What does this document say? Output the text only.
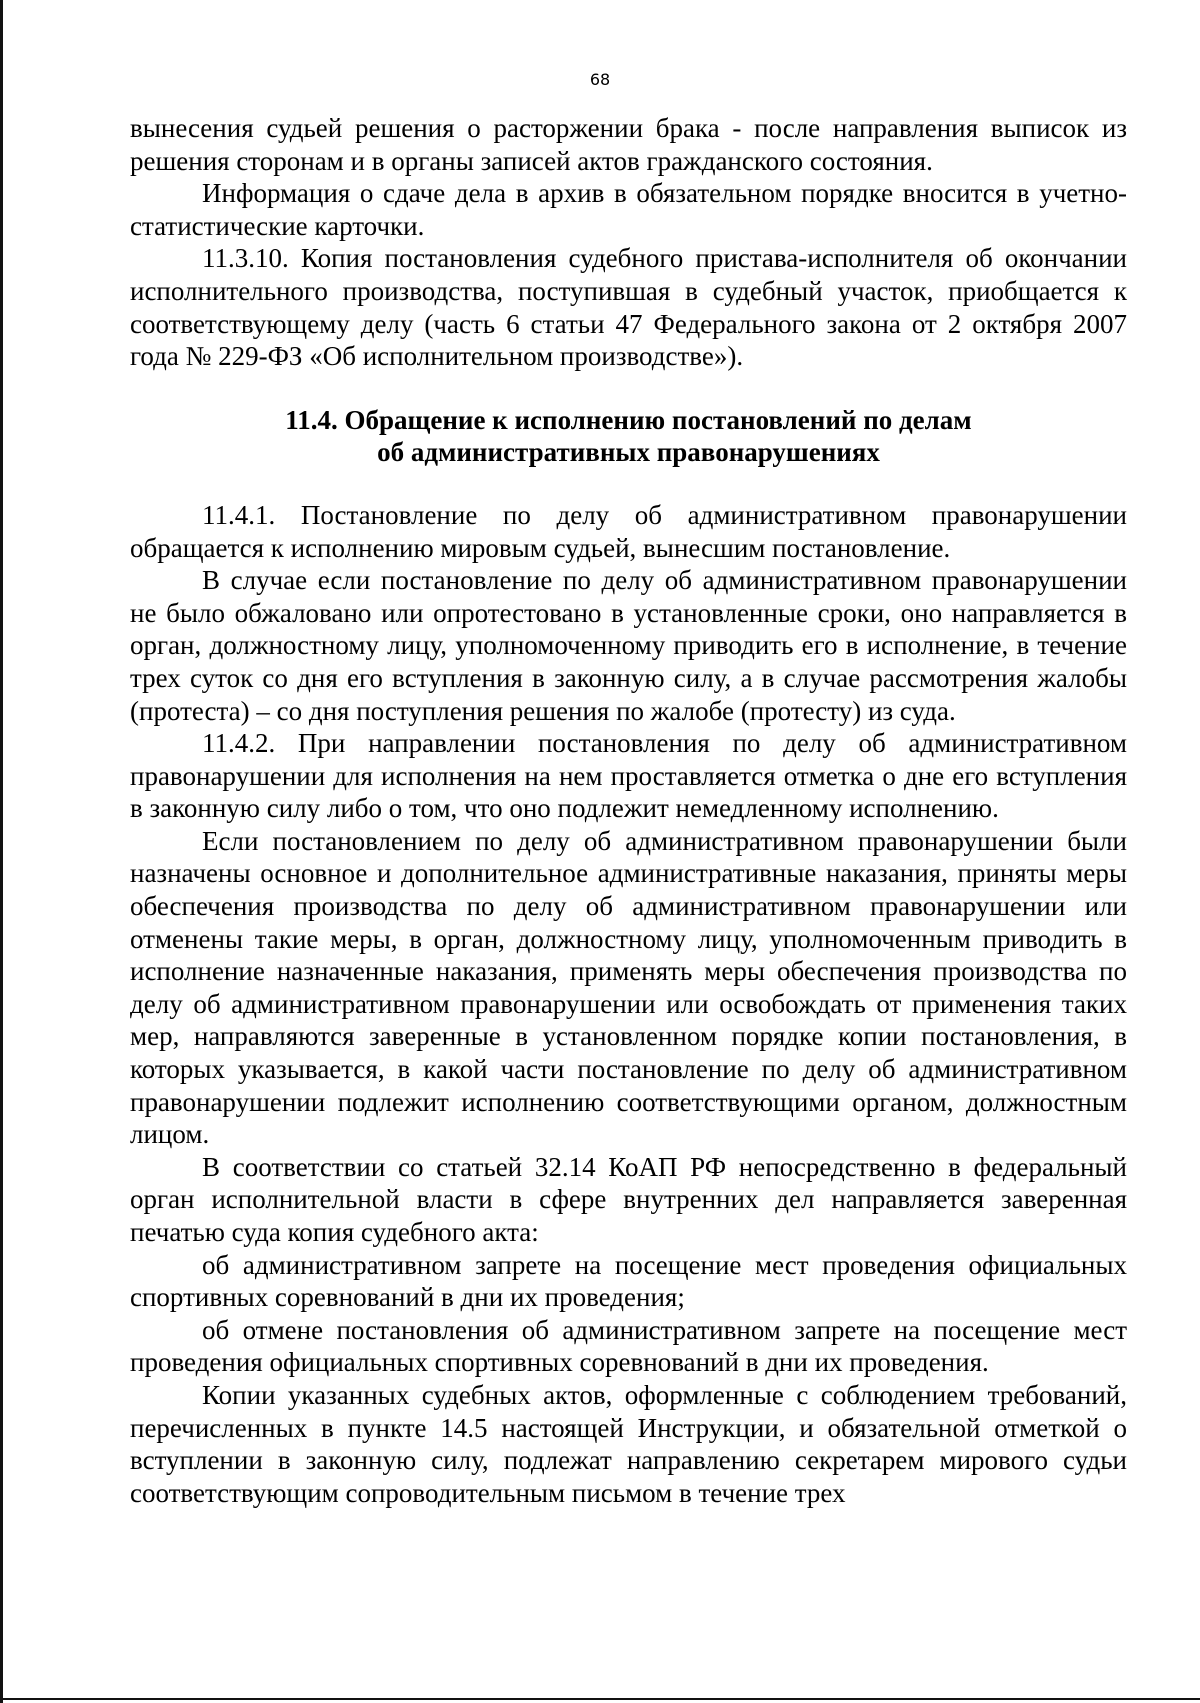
68

вынесения судьей решения о расторжении брака - после направления выписок из решения сторонам и в органы записей актов гражданского состояния.

Информация о сдаче дела в архив в обязательном порядке вносится в учетно-статистические карточки.

11.3.10. Копия постановления судебного пристава-исполнителя об окончании исполнительного производства, поступившая в судебный участок, приобщается к соответствующему делу (часть 6 статьи 47 Федерального закона от 2 октября 2007 года № 229-ФЗ «Об исполнительном производстве»).

11.4. Обращение к исполнению постановлений по делам
об административных правонарушениях

11.4.1. Постановление по делу об административном правонарушении обращается к исполнению мировым судьей, вынесшим постановление.

В случае если постановление по делу об административном правонарушении не было обжаловано или опротестовано в установленные сроки, оно направляется в орган, должностному лицу, уполномоченному приводить его в исполнение, в течение трех суток со дня его вступления в законную силу, а в случае рассмотрения жалобы (протеста) – со дня поступления решения по жалобе (протесту) из суда.

11.4.2. При направлении постановления по делу об административном правонарушении для исполнения на нем проставляется отметка о дне его вступления в законную силу либо о том, что оно подлежит немедленному исполнению.

Если постановлением по делу об административном правонарушении были назначены основное и дополнительное административные наказания, приняты меры обеспечения производства по делу об административном правонарушении или отменены такие меры, в орган, должностному лицу, уполномоченным приводить в исполнение назначенные наказания, применять меры обеспечения производства по делу об административном правонарушении или освобождать от применения таких мер, направляются заверенные в установленном порядке копии постановления, в которых указывается, в какой части постановление по делу об административном правонарушении подлежит исполнению соответствующими органом, должностным лицом.

В соответствии со статьей 32.14 КоАП РФ непосредственно в федеральный орган исполнительной власти в сфере внутренних дел направляется заверенная печатью суда копия судебного акта:

об административном запрете на посещение мест проведения официальных спортивных соревнований в дни их проведения;

об отмене постановления об административном запрете на посещение мест проведения официальных спортивных соревнований в дни их проведения.

Копии указанных судебных актов, оформленные с соблюдением требований, перечисленных в пункте 14.5 настоящей Инструкции, и обязательной отметкой о вступлении в законную силу, подлежат направлению секретарем мирового судьи соответствующим сопроводительным письмом в течение трех
